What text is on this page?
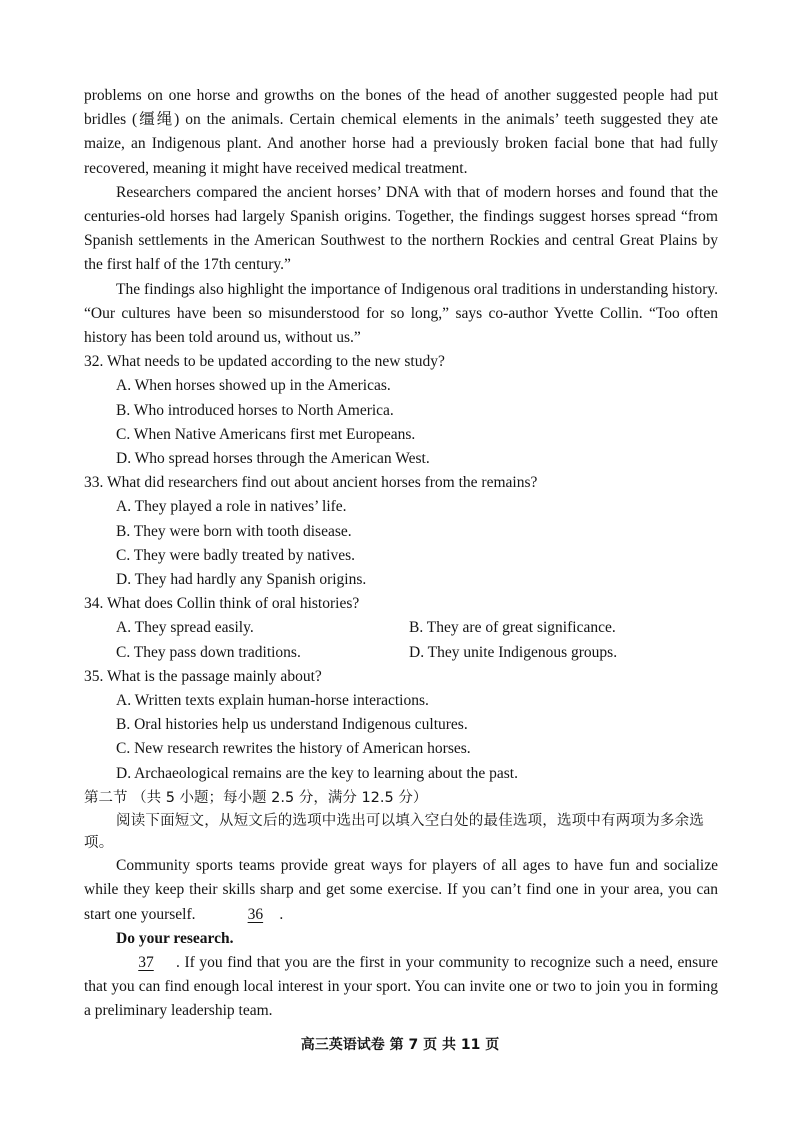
problems on one horse and growths on the bones of the head of another suggested people had put bridles (缰绳) on the animals. Certain chemical elements in the animals’ teeth suggested they ate maize, an Indigenous plant. And another horse had a previously broken facial bone that had fully recovered, meaning it might have received medical treatment.

Researchers compared the ancient horses’ DNA with that of modern horses and found that the centuries-old horses had largely Spanish origins. Together, the findings suggest horses spread “from Spanish settlements in the American Southwest to the northern Rockies and central Great Plains by the first half of the 17th century.”

The findings also highlight the importance of Indigenous oral traditions in understanding history. “Our cultures have been so misunderstood for so long,” says co-author Yvette Collin. “Too often history has been told around us, without us.”

32. What needs to be updated according to the new study?

A. When horses showed up in the Americas.

B. Who introduced horses to North America.

C. When Native Americans first met Europeans.

D. Who spread horses through the American West.

33. What did researchers find out about ancient horses from the remains?

A. They played a role in natives’ life.

B. They were born with tooth disease.

C. They were badly treated by natives.

D. They had hardly any Spanish origins.

34. What does Collin think of oral histories?

A. They spread easily.	B. They are of great significance.
C. They pass down traditions.	D. They unite Indigenous groups.

35. What is the passage mainly about?

A. Written texts explain human-horse interactions.

B. Oral histories help us understand Indigenous cultures.

C. New research rewrites the history of American horses.

D. Archaeological remains are the key to learning about the past.

第二节 （共 5 小题；每小题 2.5 分，满分 12.5 分）

阅读下面短文，从短文后的选项中选出可以填入空白处的最佳选项，选项中有两项为多余选项。

Community sports teams provide great ways for players of all ages to have fun and socialize while they keep their skills sharp and get some exercise. If you can’t find one in your area, you can start one yourself.	36 .

Do your research.

37 . If you find that you are the first in your community to recognize such a need, ensure that you can find enough local interest in your sport. You can invite one or two to join you in forming a preliminary leadership team.

高三英语试卷 第 7 页 共 11 页
